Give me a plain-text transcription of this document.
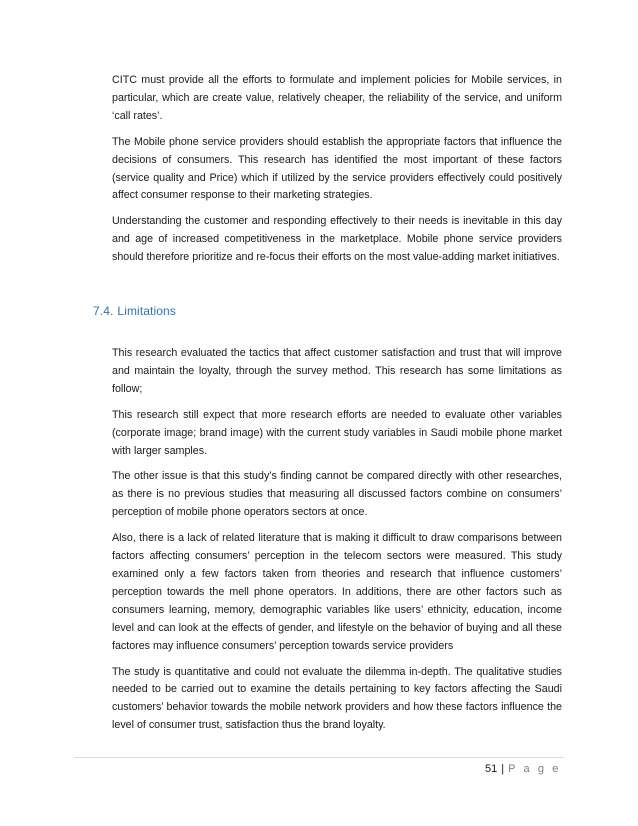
CITC must provide all the efforts to formulate and implement policies for Mobile services, in particular, which are create value, relatively cheaper, the reliability of the service, and uniform ‘call rates’.

The Mobile phone service providers should establish the appropriate factors that influence the decisions of consumers. This research has identified the most important of these factors (service quality and Price) which if utilized by the service providers effectively could positively affect consumer response to their marketing strategies.

Understanding the customer and responding effectively to their needs is inevitable in this day and age of increased competitiveness in the marketplace. Mobile phone service providers should therefore prioritize and re-focus their efforts on the most value-adding market initiatives.

7.4. Limitations

This research evaluated the tactics that affect customer satisfaction and trust that will improve and maintain the loyalty, through the survey method. This research has some limitations as follow;

This research still expect that more research efforts are needed to evaluate other variables (corporate image; brand image) with the current study variables in Saudi mobile phone market with larger samples.

The other issue is that this study’s finding cannot be compared directly with other researches, as there is no previous studies that measuring all discussed factors combine on consumers’ perception of mobile phone operators sectors at once.

Also, there is a lack of related literature that is making it difficult to draw comparisons between factors affecting consumers’ perception in the telecom sectors were measured. This study examined only a few factors taken from theories and research that influence customers’ perception towards the mell phone operators. In additions, there are other factors such as consumers learning, memory, demographic variables like users’ ethnicity, education, income level and can look at the effects of gender, and lifestyle on the behavior of buying and all these factores may influence consumers’ perception towards service providers

The study is quantitative and could not evaluate the dilemma in-depth. The qualitative studies needed to be carried out to examine the details pertaining to key factors affecting the Saudi customers’ behavior towards the mobile network providers and how these factors influence the level of consumer trust, satisfaction thus the brand loyalty.

51 | P a g e
